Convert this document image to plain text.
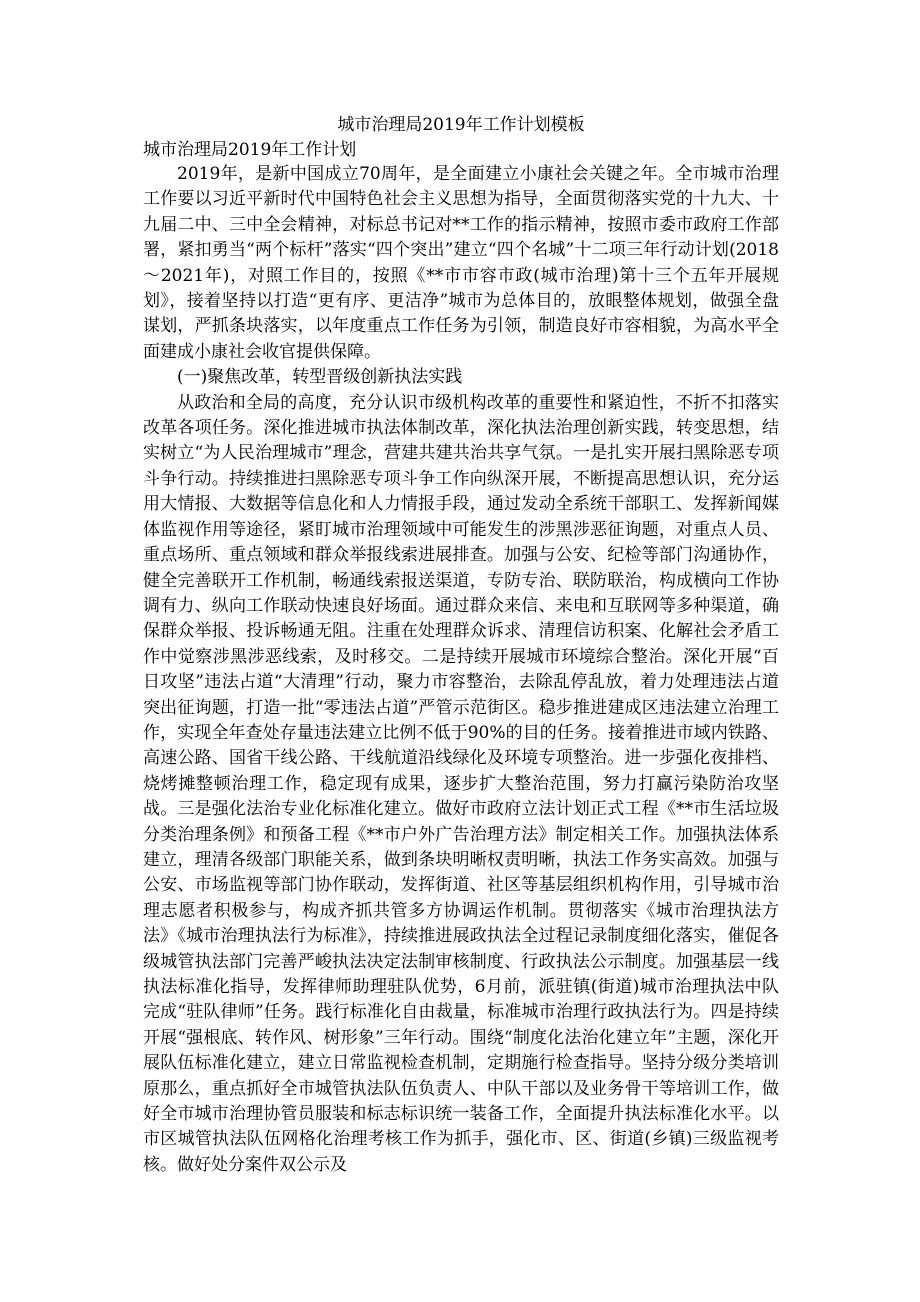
城市治理局2019年工作计划模板

城市治理局2019年工作计划

2019年，是新中国成立70周年，是全面建立小康社会关键之年。全市城市治理工作要以习近平新时代中国特色社会主义思想为指导，全面贯彻落实党的十九大、十九届二中、三中全会精神，对标总书记对**工作的指示精神，按照市委市政府工作部署，紧扣勇当“两个标杆”落实“四个突出”建立“四个名城”十二项三年行动计划(2018～2021年)，对照工作目的，按照《**市市容市政(城市治理)第十三个五年开展规划》，接着坚持以打造“更有序、更洁净”城市为总体目的，放眼整体规划，做强全盘谋划，严抓条块落实，以年度重点工作任务为引领，制造良好市容相貌，为高水平全面建成小康社会收官提供保障。

(一)聚焦改革，转型晋级创新执法实践

从政治和全局的高度，充分认识市级机构改革的重要性和紧迫性，不折不扣落实改革各项任务。深化推进城市执法体制改革，深化执法治理创新实践，转变思想，结实树立“为人民治理城市”理念，营建共建共治共享气氛。一是扎实开展扫黑除恶专项斗争行动。持续推进扫黑除恶专项斗争工作向纵深开展，不断提高思想认识，充分运用大情报、大数据等信息化和人力情报手段，通过发动全系统干部职工、发挥新闻媒体监视作用等途径，紧盯城市治理领域中可能发生的涉黑涉恶征询题，对重点人员、重点场所、重点领域和群众举报线索进展排查。加强与公安、纪检等部门沟通协作，健全完善联开工作机制，畅通线索报送渠道，专防专治、联防联治，构成横向工作协调有力、纵向工作联动快速良好场面。通过群众来信、来电和互联网等多种渠道，确保群众举报、投诉畅通无阻。注重在处理群众诉求、清理信访积案、化解社会矛盾工作中觉察涉黑涉恶线索，及时移交。二是持续开展城市环境综合整治。深化开展“百日攻坚”违法占道“大清理”行动，聚力市容整治，去除乱停乱放，着力处理违法占道突出征询题，打造一批“零违法占道”严管示范街区。稳步推进建成区违法建立治理工作，实现全年查处存量违法建立比例不低于90%的目的任务。接着推进市域内铁路、高速公路、国省干线公路、干线航道沿线绿化及环境专项整治。进一步强化夜排档、烧烤摊整顿治理工作，稳定现有成果，逐步扩大整治范围，努力打赢污染防治攻坚战。三是强化法治专业化标准化建立。做好市政府立法计划正式工程《**市生活垃圾分类治理条例》和预备工程《**市户外广告治理方法》制定相关工作。加强执法体系建立，理清各级部门职能关系，做到条块明晰权责明晰，执法工作务实高效。加强与公安、市场监视等部门协作联动，发挥街道、社区等基层组织机构作用，引导城市治理志愿者积极参与，构成齐抓共管多方协调运作机制。贯彻落实《城市治理执法方法》《城市治理执法行为标准》，持续推进展政执法全过程记录制度细化落实，催促各级城管执法部门完善严峻执法决定法制审核制度、行政执法公示制度。加强基层一线执法标准化指导，发挥律师助理驻队优势，6月前，派驻镇(街道)城市治理执法中队完成“驻队律师”任务。践行标准化自由裁量，标准城市治理行政执法行为。四是持续开展“强根底、转作风、树形象”三年行动。围绕“制度化法治化建立年”主题，深化开展队伍标准化建立，建立日常监视检查机制，定期施行检查指导。坚持分级分类培训原那么，重点抓好全市城管执法队伍负责人、中队干部以及业务骨干等培训工作，做好全市城市治理协管员服装和标志标识统一装备工作，全面提升执法标准化水平。以市区城管执法队伍网格化治理考核工作为抓手，强化市、区、街道(乡镇)三级监视考核。做好处分案件双公示及
